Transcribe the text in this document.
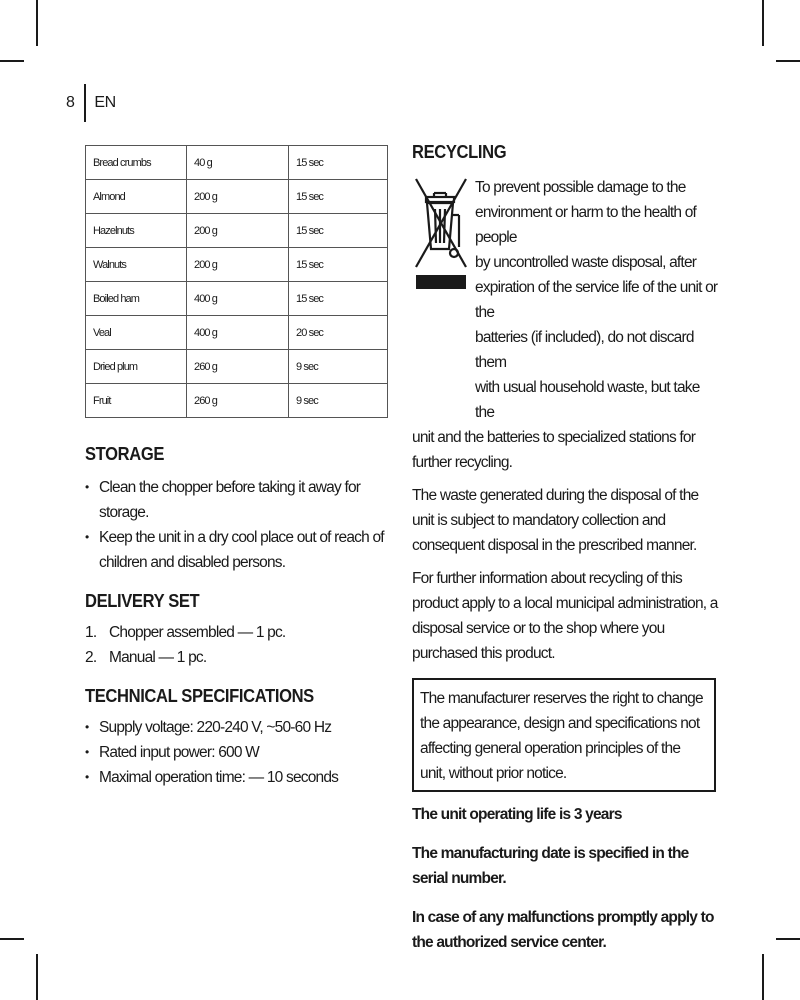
8 EN
Bread crumbs	40 g	15 sec
Almond	200 g	15 sec
Hazelnuts	200 g	15 sec
Walnuts	200 g	15 sec
Boiled ham	400 g	15 sec
Veal	400 g	20 sec
Dried plum	260 g	9 sec
Fruit	260 g	9 sec
STORAGE
• Clean the chopper before taking it away for storage.
• Keep the unit in a dry cool place out of reach of children and disabled persons.
DELIVERY SET
1. Chopper assembled — 1 pc.
2. Manual — 1 pc.
TECHNICAL SPECIFICATIONS
• Supply voltage: 220-240 V, ~50-60 Hz
• Rated input power: 600 W
• Maximal operation time: — 10 seconds
RECYCLING
To prevent possible damage to the
environment or harm to the health of people
by uncontrolled waste disposal, after
expiration of the service life of the unit or the
batteries (if included), do not discard them
with usual household waste, but take the
unit and the batteries to specialized stations for further recycling.

The waste generated during the disposal of the unit is subject to mandatory collection and consequent disposal in the prescribed manner.

For further information about recycling of this product apply to a local municipal administration, a disposal service or to the shop where you purchased this product.

The manufacturer reserves the right to change the appearance, design and specifications not affecting general operation principles of the unit, without prior notice.

The unit operating life is 3 years

The manufacturing date is specified in the serial number.

In case of any malfunctions promptly apply to the authorized service center.
